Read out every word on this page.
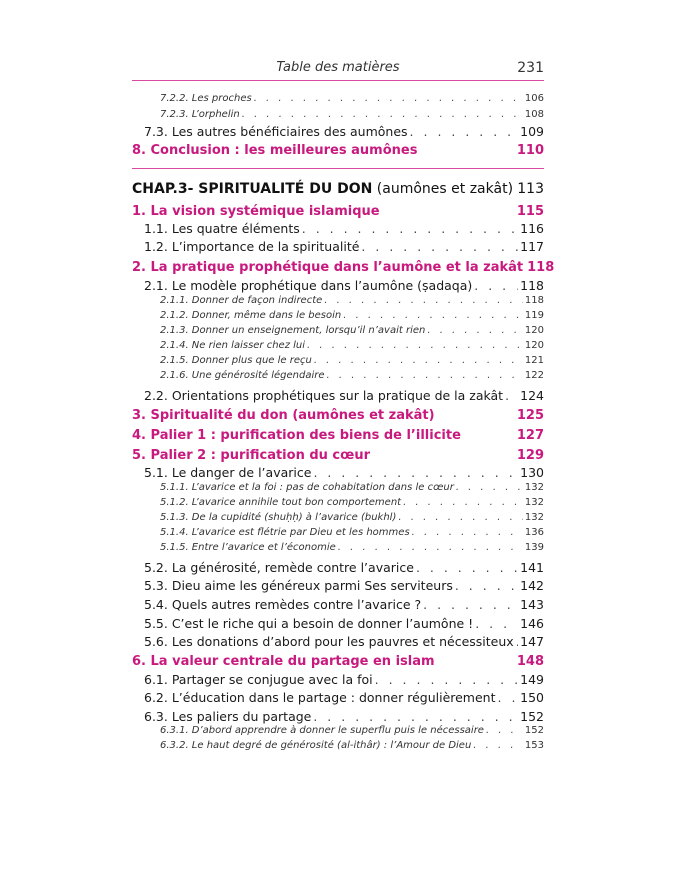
Table des matières	231
7.2.2. Les proches . . .	106
7.2.3. L’orphelin . . .	108
7.3. Les autres bénéficiaires des aumônes . . .	109
8. Conclusion : les meilleures aumônes	110
CHAP.3- SPIRITUALITÉ DU DON (aumônes et zakât) . . . 113
1. La vision systémique islamique	115
1.1. Les quatre éléments . . .	116
1.2. L’importance de la spiritualité . . .	117
2. La pratique prophétique dans l’aumône et la zakât 118
2.1. Le modèle prophétique dans l’aumône (ṣadaqa) . . .	118
2.1.1. Donner de façon indirecte . . .	118
2.1.2. Donner, même dans le besoin . . .	119
2.1.3. Donner un enseignement, lorsqu’il n’avait rien . . .	120
2.1.4. Ne rien laisser chez lui . . .	120
2.1.5. Donner plus que le reçu . . .	121
2.1.6. Une générosité légendaire . . .	122
2.2. Orientations prophétiques sur la pratique de la zakât . . . 124
3. Spiritualité du don (aumônes et zakât)	125
4. Palier 1 : purification des biens de l’illicite	127
5. Palier 2 : purification du cœur	129
5.1. Le danger de l’avarice . . .	130
5.1.1. L’avarice et la foi : pas de cohabitation dans le cœur . . .	132
5.1.2. L’avarice annihile tout bon comportement . . .	132
5.1.3. De la cupidité (shuḥḥ) à l’avarice (bukhl) . . .	132
5.1.4. L’avarice est flétrie par Dieu et les hommes . . .	136
5.1.5. Entre l’avarice et l’économie . . .	139
5.2. La générosité, remède contre l’avarice . . .	141
5.3. Dieu aime les généreux parmi Ses serviteurs . . .	142
5.4. Quels autres remèdes contre l’avarice ? . . .	143
5.5. C’est le riche qui a besoin de donner l’aumône ! . . .	146
5.6. Les donations d’abord pour les pauvres et nécessiteux . . . 147
6. La valeur centrale du partage en islam	148
6.1. Partager se conjugue avec la foi . . .	149
6.2. L’éducation dans le partage : donner régulièrement . . . 150
6.3. Les paliers du partage . . .	152
6.3.1. D’abord apprendre à donner le superflu puis le nécessaire . . .	152
6.3.2. Le haut degré de générosité (al-ithâr) : l’Amour de Dieu . . .	153
